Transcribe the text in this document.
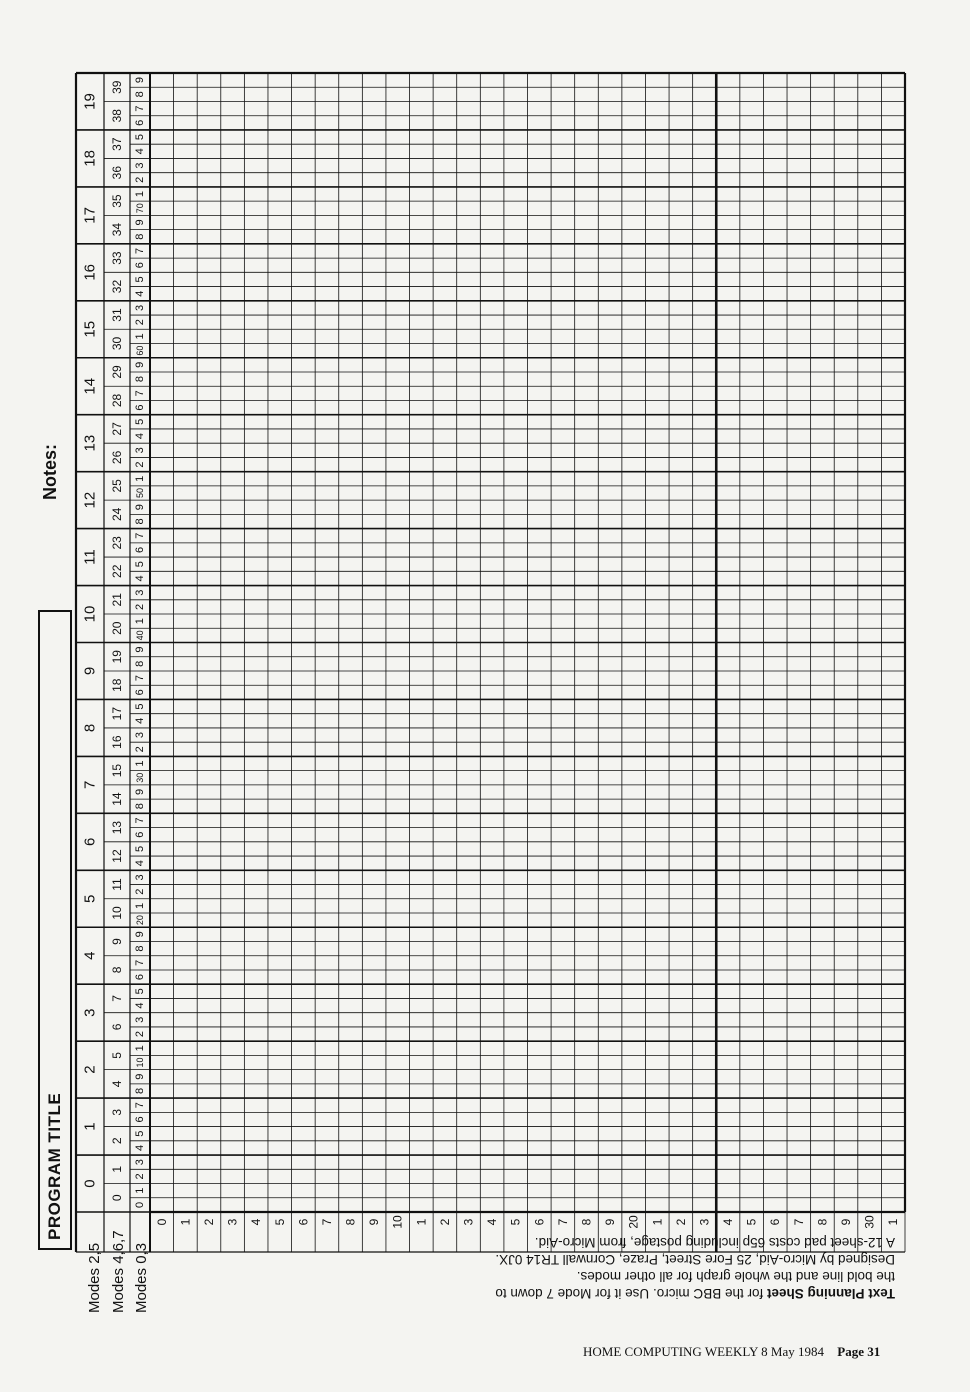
0
1
2
3
4
5
6
7
8
9
10
11
12
13
14
15
16
17
18
19
0
1
2
3
4
5
6
7
8
9
10
11
12
13
14
15
16
17
18
19
20
21
22
23
24
25
26
27
28
29
30
31
32
33
34
35
36
37
38
39
0
1
2
3
4
5
6
7
8
9
10
1
2
3
4
5
6
7
8
9
20
1
2
3
4
5
6
7
8
9
30
1
2
3
4
5
6
7
8
9
40
1
2
3
4
5
6
7
8
9
50
1
2
3
4
5
6
7
8
9
60
1
2
3
4
5
6
7
8
9
70
1
2
3
4
5
6
7
8
9
0 1 2 3 4 5 6 7 8 9 10 1 2 3 4 5 6 7 8 9 20 1 2 3 4 5 6 7 8 9 30 1
PROGRAM TITLE
Notes:
Modes 2,5 Modes 4,6,7 Modes 0,3	Text Planning Sheet for the BBC micro. Use it for Mode 7 down to

the bold line and the whole graph for all other modes.

Designed by Micro-Aid, 25 Fore Street, Praze, Cornwall TR14 0JX.

A 12-sheet pad costs 65p including postage, from Micro-Aid.

HOME COMPUTING WEEKLY 8 May 1984 Page 31
